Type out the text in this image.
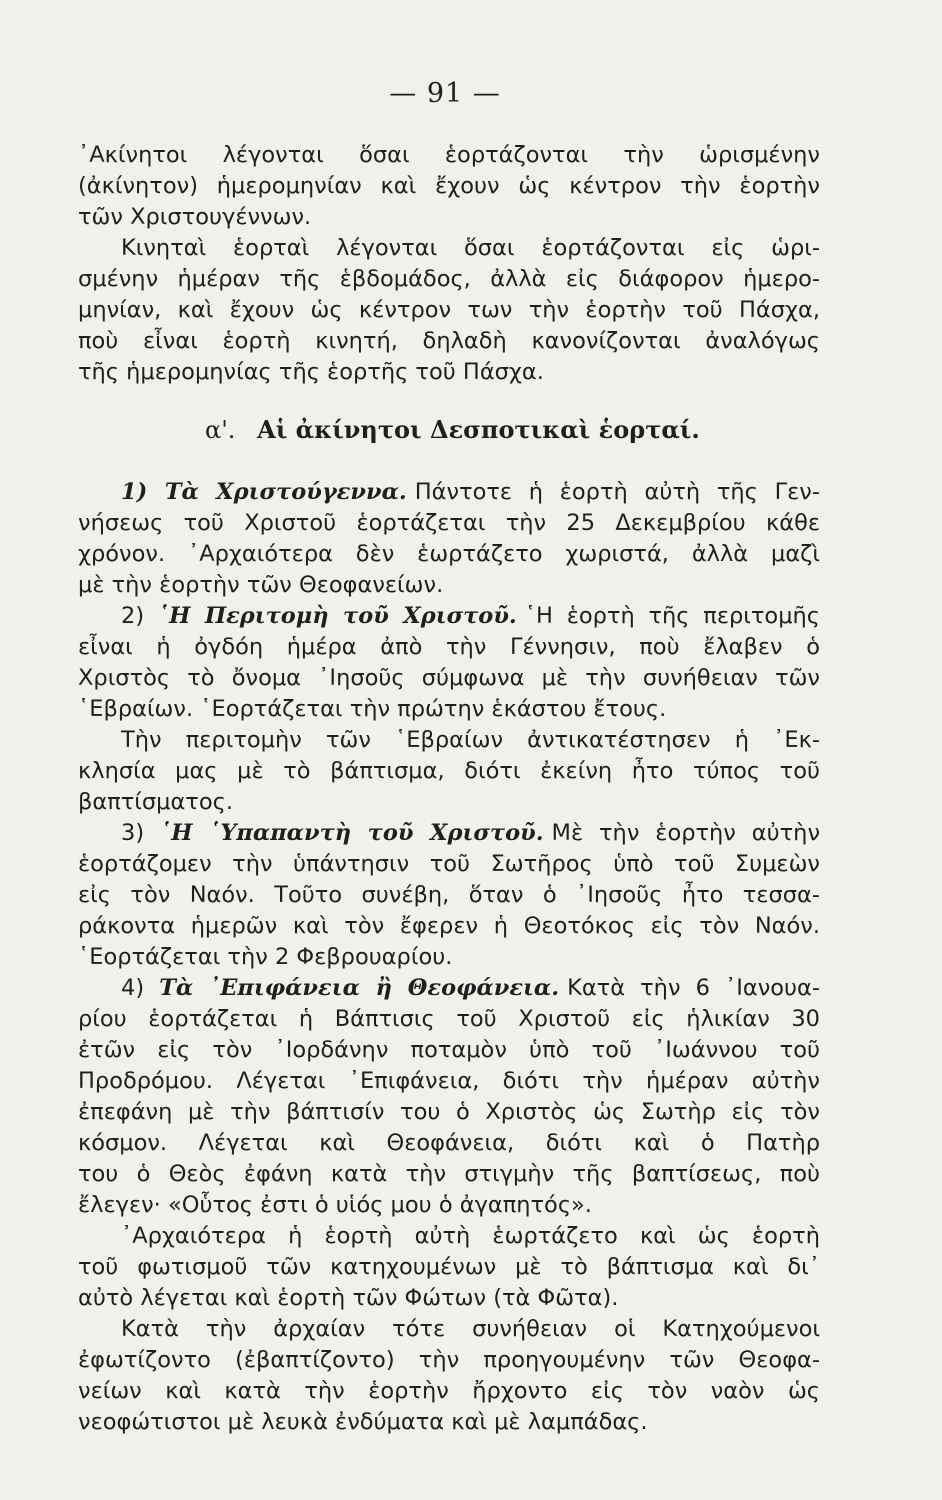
— 91 —
᾿Ακίνητοι λέγονται ὅσαι ἑορτάζονται τὴν ὡρισμένην
(ἀκίνητον) ἡμερομηνίαν καὶ ἔχουν ὡς κέντρον τὴν ἑορτὴν
τῶν Χριστουγέννων.
Κινηταὶ ἑορταὶ λέγονται ὅσαι ἑορτάζονται εἰς ὡρι-
σμένην ἡμέραν τῆς ἑβδομάδος, ἀλλὰ εἰς διάφορον ἡμερο-
μηνίαν, καὶ ἔχουν ὡς κέντρον των τὴν ἑορτὴν τοῦ Πάσχα,
ποὺ εἶναι ἑορτὴ κινητή, δηλαδὴ κανονίζονται ἀναλόγως
τῆς ἡμερομηνίας τῆς ἑορτῆς τοῦ Πάσχα.
α'. Αἱ ἀκίνητοι Δεσποτικαὶ ἑορταί.
1) Τὰ Χριστούγεννα. Πάντοτε ἡ ἑορτὴ αὐτὴ τῆς Γεν-
νήσεως τοῦ Χριστοῦ ἑορτάζεται τὴν 25 Δεκεμβρίου κάθε
χρόνον. ᾿Αρχαιότερα δὲν ἑωρτάζετο χωριστά, ἀλλὰ μαζὶ
μὲ τὴν ἑορτὴν τῶν Θεοφανείων.
2) ῾Η Περιτομὴ τοῦ Χριστοῦ. ῾Η ἑορτὴ τῆς περιτομῆς
εἶναι ἡ ὀγδόη ἡμέρα ἀπὸ τὴν Γέννησιν, ποὺ ἔλαβεν ὁ
Χριστὸς τὸ ὄνομα ᾿Ιησοῦς σύμφωνα μὲ τὴν συνήθειαν τῶν
῾Εβραίων. ῾Εορτάζεται τὴν πρώτην ἑκάστου ἔτους.
Τὴν περιτομὴν τῶν ῾Εβραίων ἀντικατέστησεν ἡ ᾿Εκ-
κλησία μας μὲ τὸ βάπτισμα, διότι ἐκείνη ἦτο τύπος τοῦ
βαπτίσματος.
3) ῾Η ῾Υπαπαντὴ τοῦ Χριστοῦ. Μὲ τὴν ἑορτὴν αὐτὴν
ἑορτάζομεν τὴν ὑπάντησιν τοῦ Σωτῆρος ὑπὸ τοῦ Συμεὼν
εἰς τὸν Ναόν. Τοῦτο συνέβη, ὅταν ὁ ᾿Ιησοῦς ἦτο τεσσα-
ράκοντα ἡμερῶν καὶ τὸν ἔφερεν ἡ Θεοτόκος εἰς τὸν Ναόν.
῾Εορτάζεται τὴν 2 Φεβρουαρίου.
4) Τὰ ᾿Επιφάνεια ἢ Θεοφάνεια. Κατὰ τὴν 6 ᾿Ιανουα-
ρίου ἑορτάζεται ἡ Βάπτισις τοῦ Χριστοῦ εἰς ἡλικίαν 30
ἐτῶν εἰς τὸν ᾿Ιορδάνην ποταμὸν ὑπὸ τοῦ ᾿Ιωάννου τοῦ
Προδρόμου. Λέγεται ᾿Επιφάνεια, διότι τὴν ἡμέραν αὐτὴν
ἐπεφάνη μὲ τὴν βάπτισίν του ὁ Χριστὸς ὡς Σωτὴρ εἰς τὸν
κόσμον. Λέγεται καὶ Θεοφάνεια, διότι καὶ ὁ Πατὴρ
του ὁ Θεὸς ἐφάνη κατὰ τὴν στιγμὴν τῆς βαπτίσεως, ποὺ
ἔλεγεν· «Οὗτος ἐστι ὁ υἱός μου ὁ ἀγαπητός».
᾿Αρχαιότερα ἡ ἑορτὴ αὐτὴ ἑωρτάζετο καὶ ὡς ἑορτὴ
τοῦ φωτισμοῦ τῶν κατηχουμένων μὲ τὸ βάπτισμα καὶ δι᾿
αὐτὸ λέγεται καὶ ἑορτὴ τῶν Φώτων (τὰ Φῶτα).
Κατὰ τὴν ἀρχαίαν τότε συνήθειαν οἱ Κατηχούμενοι
ἐφωτίζοντο (ἐβαπτίζοντο) τὴν προηγουμένην τῶν Θεοφα-
νείων καὶ κατὰ τὴν ἑορτὴν ἤρχοντο εἰς τὸν ναὸν ὡς
νεοφώτιστοι μὲ λευκὰ ἐνδύματα καὶ μὲ λαμπάδας.
